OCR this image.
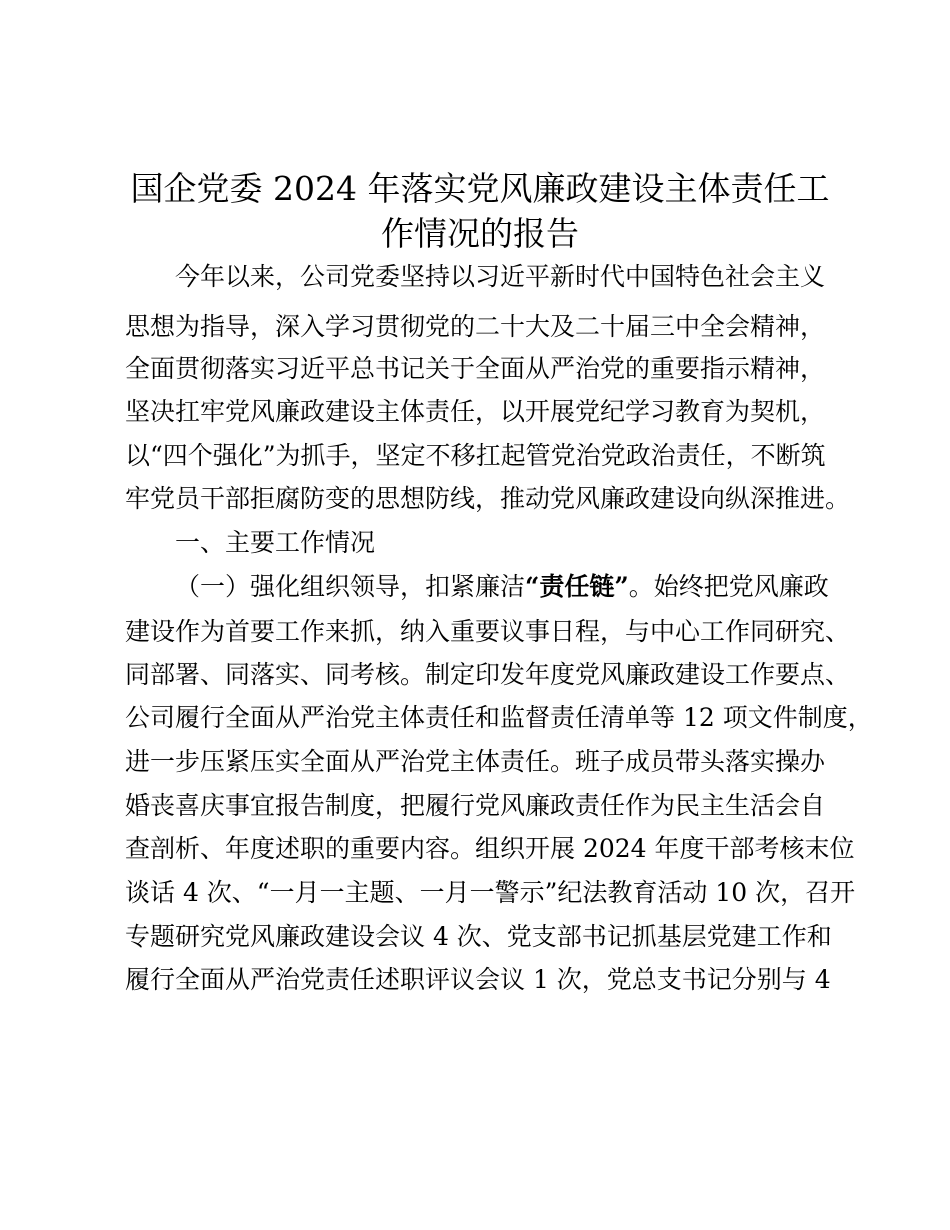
国企党委 2024 年落实党风廉政建设主体责任工
作情况的报告

今年以来，公司党委坚持以习近平新时代中国特色社会主义

思想为指导，深入学习贯彻党的二十大及二十届三中全会精神，

全面贯彻落实习近平总书记关于全面从严治党的重要指示精神，

坚决扛牢党风廉政建设主体责任，以开展党纪学习教育为契机，

以“四个强化”为抓手，坚定不移扛起管党治党政治责任，不断筑

牢党员干部拒腐防变的思想防线，推动党风廉政建设向纵深推进。

一、主要工作情况

（一）强化组织领导，扣紧廉洁“责任链”。始终把党风廉政

建设作为首要工作来抓，纳入重要议事日程，与中心工作同研究、

同部署、同落实、同考核。制定印发年度党风廉政建设工作要点、

公司履行全面从严治党主体责任和监督责任清单等 12 项文件制度，

进一步压紧压实全面从严治党主体责任。班子成员带头落实操办

婚丧喜庆事宜报告制度，把履行党风廉政责任作为民主生活会自

查剖析、年度述职的重要内容。组织开展 2024 年度干部考核末位

谈话 4 次、“一月一主题、一月一警示”纪法教育活动 10 次，召开

专题研究党风廉政建设会议 4 次、党支部书记抓基层党建工作和

履行全面从严治党责任述职评议会议 1 次，党总支书记分别与 4
